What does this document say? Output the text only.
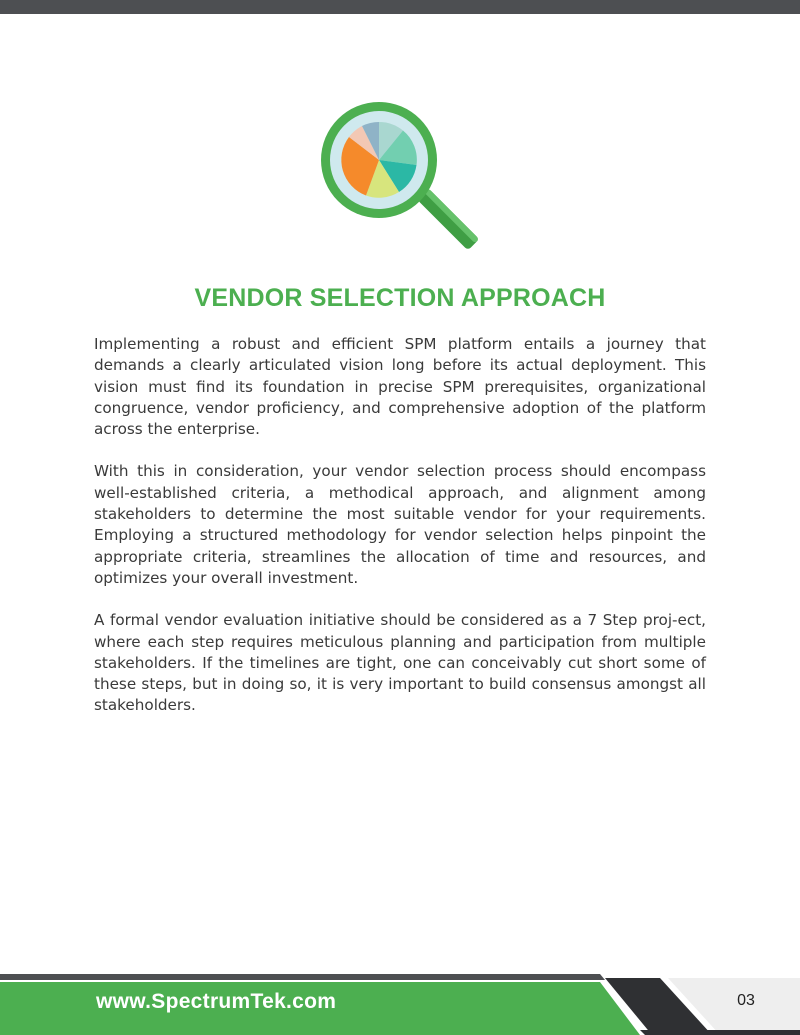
VENDOR SELECTION APPROACH

Implementing a robust and efficient SPM platform entails a journey that demands a clearly articulated vision long before its actual deployment. This vision must find its foundation in precise SPM prerequisites, organizational congruence, vendor proficiency, and comprehensive adoption of the platform across the enterprise.

With this in consideration, your vendor selection process should encompass well-established criteria, a methodical approach, and alignment among stakeholders to determine the most suitable vendor for your requirements. Employing a structured methodology for vendor selection helps pinpoint the appropriate criteria, streamlines the allocation of time and resources, and optimizes your overall investment.

A formal vendor evaluation initiative should be considered as a 7 Step proj-ect, where each step requires meticulous planning and participation from multiple stakeholders. If the timelines are tight, one can conceivably cut short some of these steps, but in doing so, it is very important to build consensus amongst all stakeholders.

www.SpectrumTek.com	03
